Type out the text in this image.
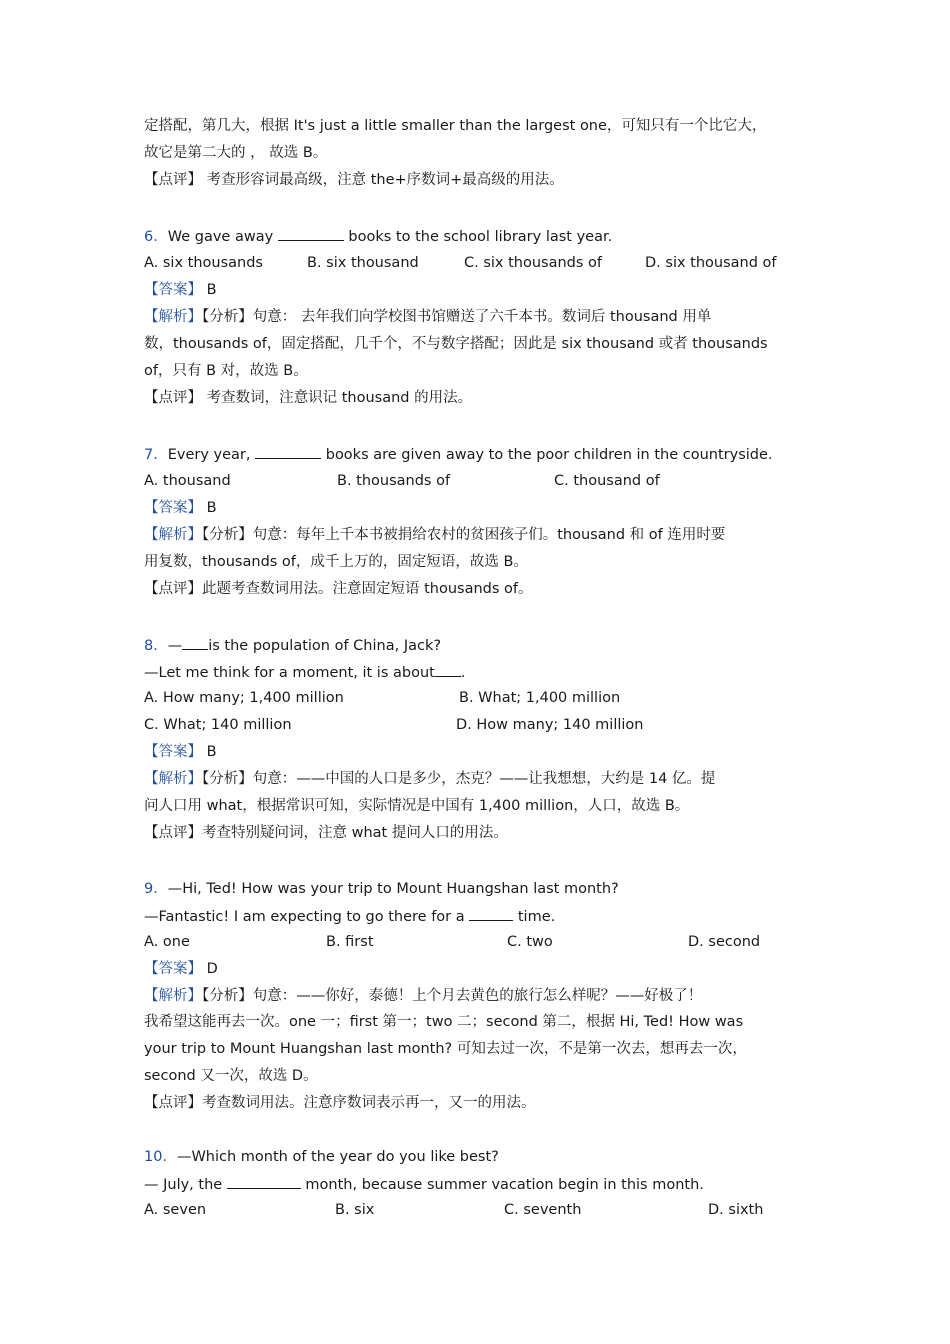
定搭配，第几大，根据 It's just a little smaller than the largest one，可知只有一个比它大，
故它是第二大的 ， 故选 B。
【点评】 考查形容词最高级，注意 the+序数词+最高级的用法。
6．We gave away	books to the school library last year.
A. six thousands	B. six thousand	C. six thousands of	D. six thousand of
【答案】 B
【解析】【分析】句意： 去年我们向学校图书馆赠送了六千本书。数词后 thousand 用单
数，thousands of，固定搭配，几千个，不与数字搭配；因此是 six thousand 或者 thousands
of，只有 B 对，故选 B。
【点评】 考查数词，注意识记 thousand 的用法。
7．Every year,	books are given away to the poor children in the countryside.
A. thousand	B. thousands of	C. thousand of
【答案】 B
【解析】【分析】句意：每年上千本书被捐给农村的贫困孩子们。thousand 和 of 连用时要
用复数，thousands of，成千上万的，固定短语，故选 B。
【点评】此题考查数词用法。注意固定短语 thousands of。
8．— is the population of China, Jack?
—Let me think for a moment, it is about .
A. How many; 1,400 million	B. What; 1,400 million
C. What; 140 million	D. How many; 140 million
【答案】 B
【解析】【分析】句意：——中国的人口是多少，杰克？——让我想想，大约是 14 亿。提
问人口用 what，根据常识可知，实际情况是中国有 1,400 million，人口，故选 B。
【点评】考查特别疑问词，注意 what 提问人口的用法。
9．—Hi, Ted! How was your trip to Mount Huangshan last month?
—Fantastic! I am expecting to go there for a	time.
A. one	B. first	C. two	D. second
【答案】 D
【解析】【分析】句意：——你好，泰德！上个月去黄色的旅行怎么样呢？——好极了！
我希望这能再去一次。one 一；first 第一；two 二；second 第二，根据 Hi, Ted! How was
your trip to Mount Huangshan last month? 可知去过一次，不是第一次去，想再去一次，
second 又一次，故选 D。
【点评】考查数词用法。注意序数词表示再一，又一的用法。
10．—Which month of the year do you like best?
— July, the	month, because summer vacation begin in this month.
A. seven	B. six	C. seventh	D. sixth
